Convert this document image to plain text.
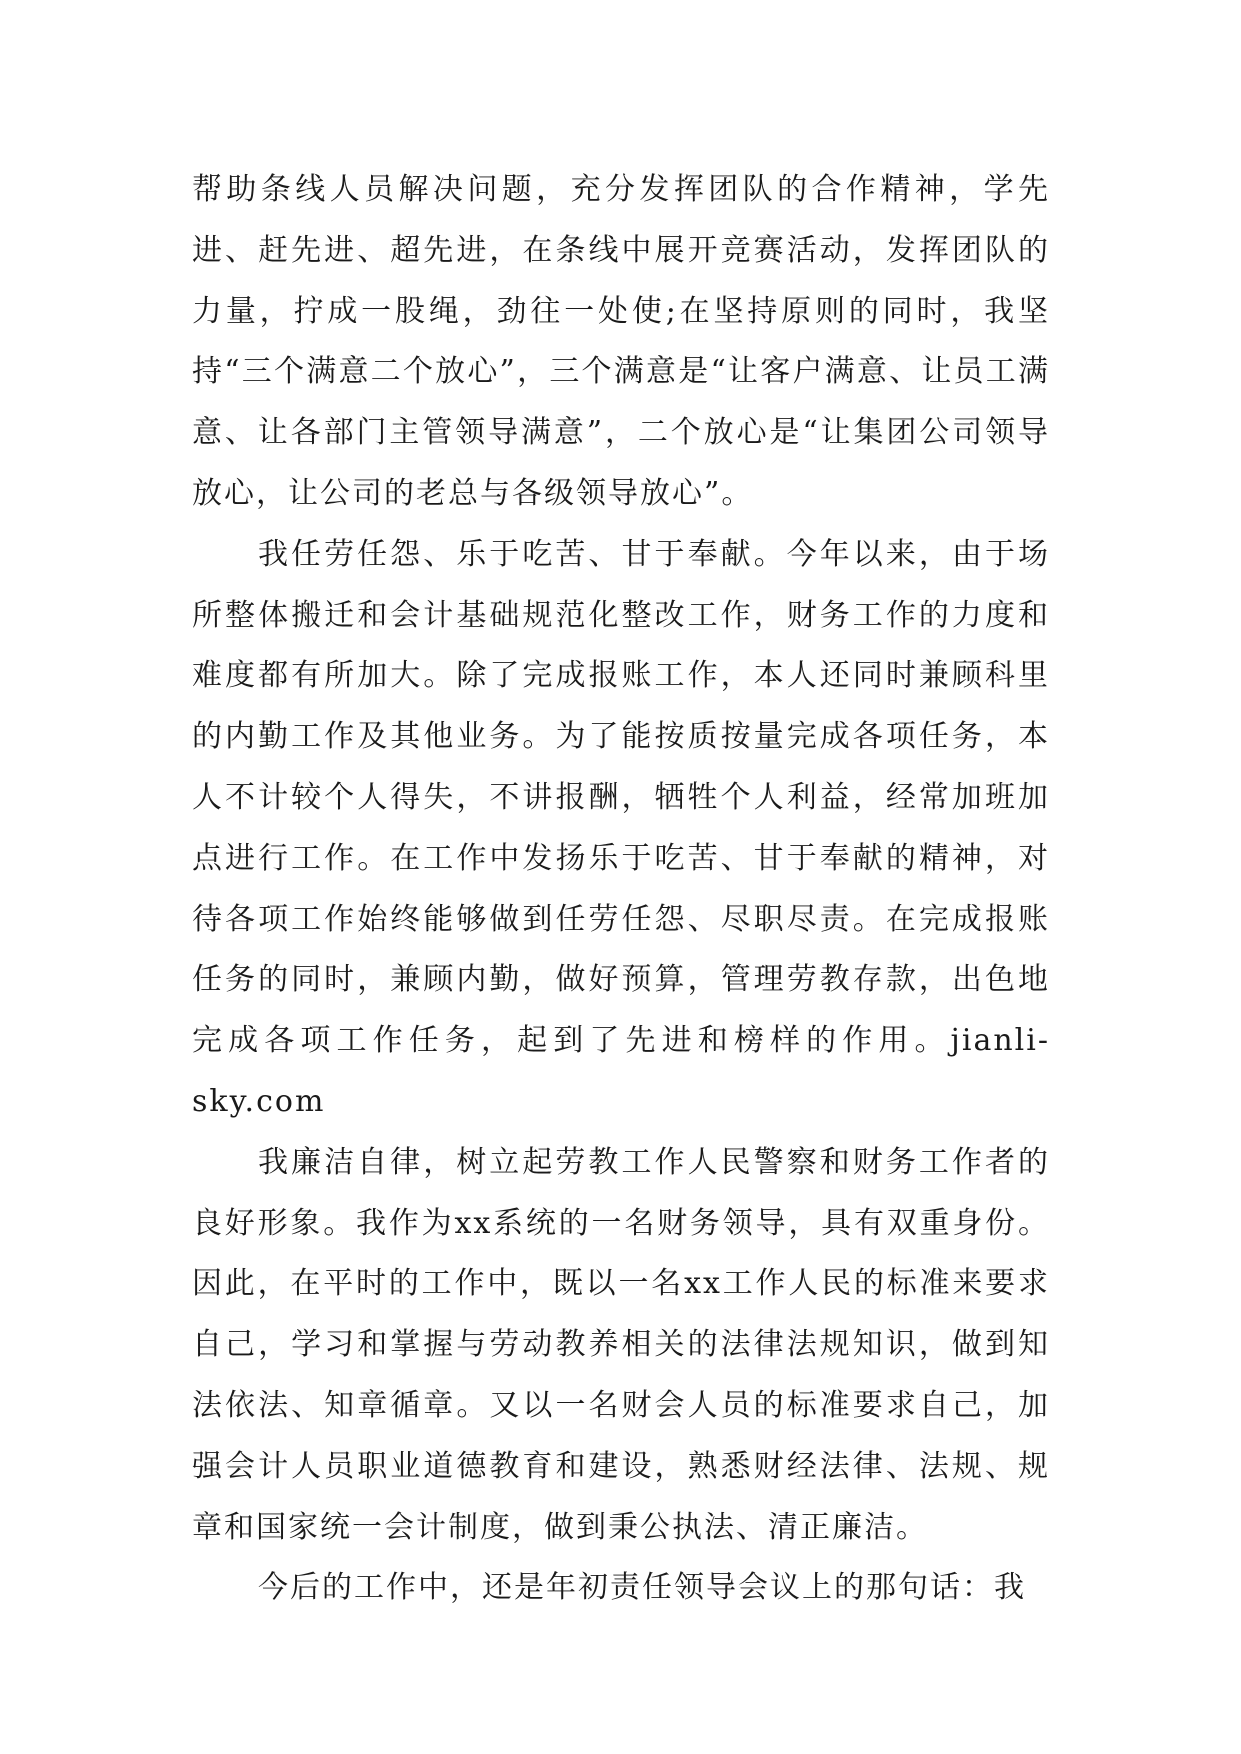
帮助条线人员解决问题，充分发挥团队的合作精神，学先进、赶先进、超先进，在条线中展开竞赛活动，发挥团队的力量，拧成一股绳，劲往一处使;在坚持原则的同时，我坚持“三个满意二个放心”，三个满意是“让客户满意、让员工满意、让各部门主管领导满意”，二个放心是“让集团公司领导放心，让公司的老总与各级领导放心”。

我任劳任怨、乐于吃苦、甘于奉献。今年以来，由于场所整体搬迁和会计基础规范化整改工作，财务工作的力度和难度都有所加大。除了完成报账工作，本人还同时兼顾科里的内勤工作及其他业务。为了能按质按量完成各项任务，本人不计较个人得失，不讲报酬，牺牲个人利益，经常加班加点进行工作。在工作中发扬乐于吃苦、甘于奉献的精神，对待各项工作始终能够做到任劳任怨、尽职尽责。在完成报账任务的同时，兼顾内勤，做好预算，管理劳教存款，出色地完成各项工作任务，起到了先进和榜样的作用。jianli-sky.com

我廉洁自律，树立起劳教工作人民警察和财务工作者的良好形象。我作为xx系统的一名财务领导，具有双重身份。因此，在平时的工作中，既以一名xx工作人民的标准来要求自己，学习和掌握与劳动教养相关的法律法规知识，做到知法依法、知章循章。又以一名财会人员的标准要求自己，加强会计人员职业道德教育和建设，熟悉财经法律、法规、规章和国家统一会计制度，做到秉公执法、清正廉洁。

今后的工作中，还是年初责任领导会议上的那句话：我
